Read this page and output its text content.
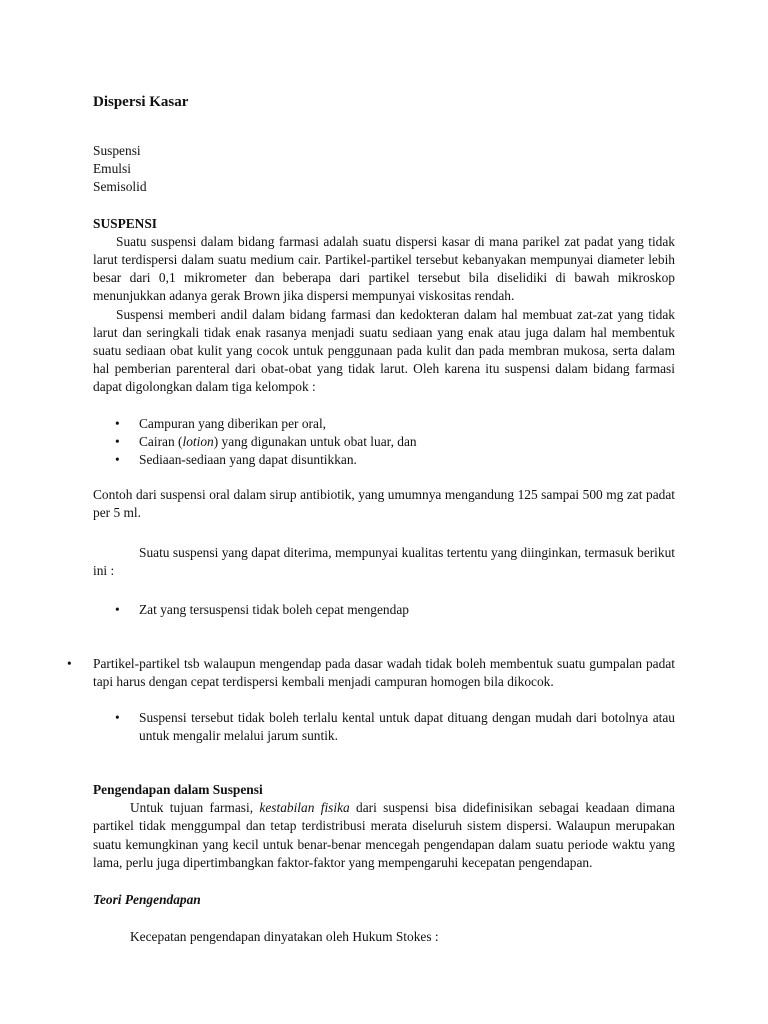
Dispersi Kasar
Suspensi
Emulsi
Semisolid
SUSPENSI

Suatu suspensi dalam bidang farmasi adalah suatu dispersi kasar di mana parikel zat padat yang tidak larut terdispersi dalam suatu medium cair. Partikel-partikel tersebut kebanyakan mempunyai diameter lebih besar dari 0,1 mikrometer dan beberapa dari partikel tersebut bila diselidiki di bawah mikroskop menunjukkan adanya gerak Brown jika dispersi mempunyai viskositas rendah.

Suspensi memberi andil dalam bidang farmasi dan kedokteran dalam hal membuat zat-zat yang tidak larut dan seringkali tidak enak rasanya menjadi suatu sediaan yang enak atau juga dalam hal membentuk suatu sediaan obat kulit yang cocok untuk penggunaan pada kulit dan pada membran mukosa, serta dalam hal pemberian parenteral dari obat-obat yang tidak larut. Oleh karena itu suspensi dalam bidang farmasi dapat digolongkan dalam tiga kelompok :

• Campuran yang diberikan per oral,
• Cairan (lotion) yang digunakan untuk obat luar, dan
• Sediaan-sediaan yang dapat disuntikkan.

Contoh dari suspensi oral dalam sirup antibiotik, yang umumnya mengandung 125 sampai 500 mg zat padat per 5 ml.

Suatu suspensi yang dapat diterima, mempunyai kualitas tertentu yang diinginkan, termasuk berikut ini :

• Zat yang tersuspensi tidak boleh cepat mengendap
• Partikel-partikel tsb walaupun mengendap pada dasar wadah tidak boleh membentuk suatu gumpalan padat tapi harus dengan cepat terdispersi kembali menjadi campuran homogen bila dikocok.
• Suspensi tersebut tidak boleh terlalu kental untuk dapat dituang dengan mudah dari botolnya atau untuk mengalir melalui jarum suntik.
Pengendapan dalam Suspensi

Untuk tujuan farmasi, kestabilan fisika dari suspensi bisa didefinisikan sebagai keadaan dimana partikel tidak menggumpal dan tetap terdistribusi merata diseluruh sistem dispersi. Walaupun merupakan suatu kemungkinan yang kecil untuk benar-benar mencegah pengendapan dalam suatu periode waktu yang lama, perlu juga dipertimbangkan faktor-faktor yang mempengaruhi kecepatan pengendapan.

Teori Pengendapan

Kecepatan pengendapan dinyatakan oleh Hukum Stokes :
